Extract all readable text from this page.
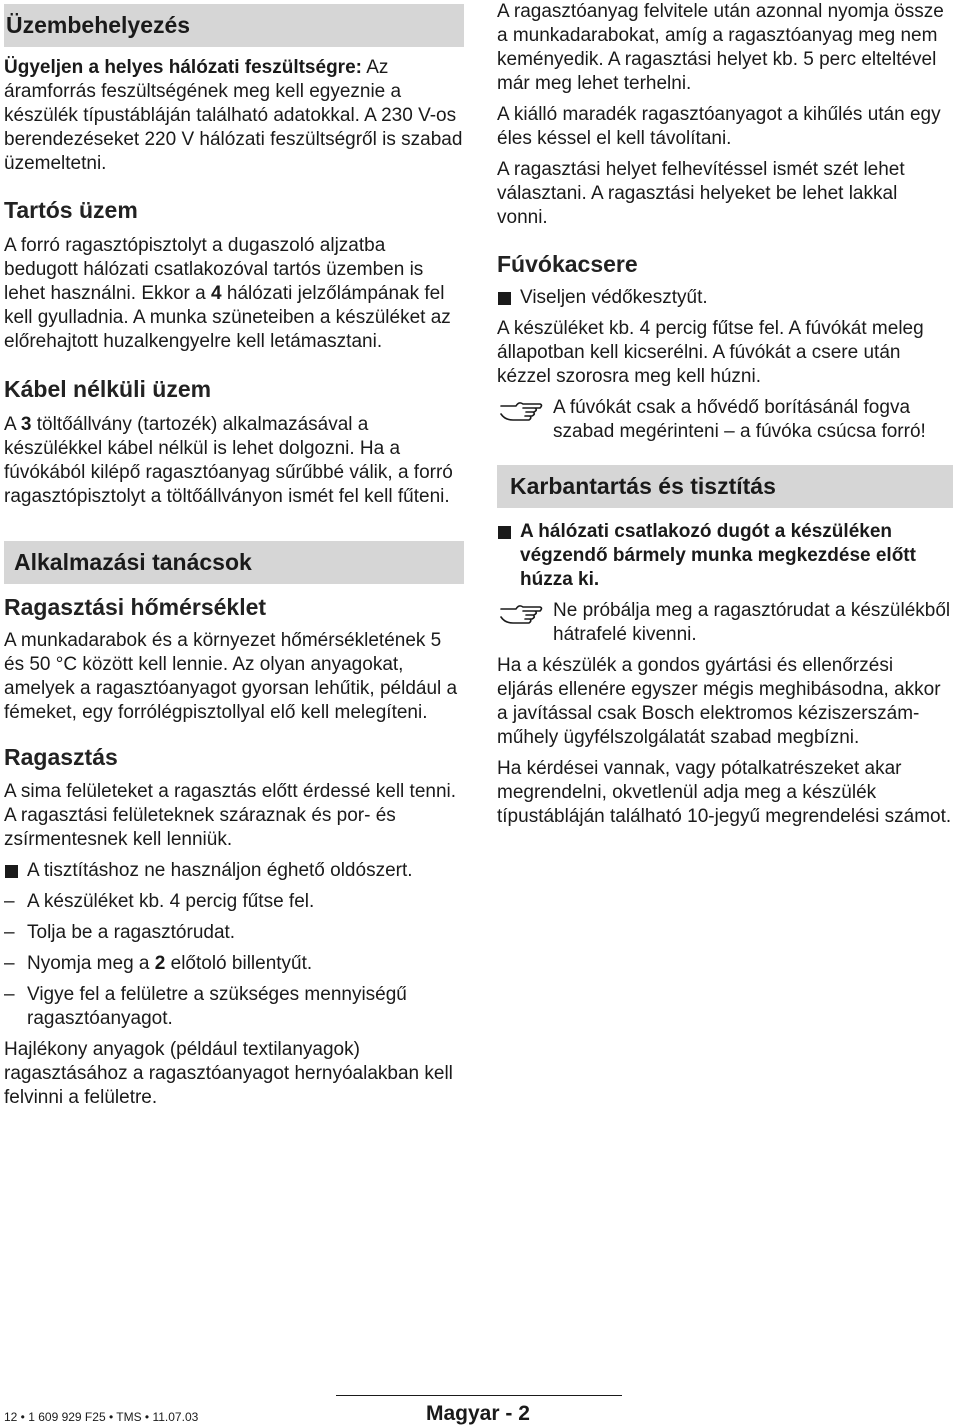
Üzembehelyezés

Ügyeljen a helyes hálózati feszültségre: Az áramforrás feszültségének meg kell egyeznie a készülék típustábláján található adatokkal. A 230 V-os berendezéseket 220 V hálózati feszültségről is szabad üzemeltetni.

Tartós üzem

A forró ragasztópisztolyt a dugaszoló aljzatba bedugott hálózati csatlakozóval tartós üzemben is lehet használni. Ekkor a 4 hálózati jelzőlámpának fel kell gyulladnia. A munka szüneteiben a készüléket az előrehajtott huzalkengyelre kell letámasztani.

Kábel nélküli üzem

A 3 töltőállvány (tartozék) alkalmazásával a készülékkel kábel nélkül is lehet dolgozni. Ha a fúvókából kilépő ragasztóanyag sűrűbbé válik, a forró ragasztópisztolyt a töltőállványon ismét fel kell fűteni.

Alkalmazási tanácsok
Ragasztási hőmérséklet

A munkadarabok és a környezet hőmérsékletének 5 és 50 °C között kell lennie. Az olyan anyagokat, amelyek a ragasztóanyagot gyorsan lehűtik, például a fémeket, egy forrólégpisztollyal elő kell melegíteni.

Ragasztás

A sima felületeket a ragasztás előtt érdessé kell tenni. A ragasztási felületeknek száraznak és por- és zsírmentesnek kell lenniük.

A tisztításhoz ne használjon éghető oldószert.

– A készüléket kb. 4 percig fűtse fel.

– Tolja be a ragasztórudat.

– Nyomja meg a 2 előtoló billentyűt.

– Vigye fel a felületre a szükséges mennyiségű ragasztóanyagot.

Hajlékony anyagok (például textilanyagok) ragasztásához a ragasztóanyagot hernyóalakban kell felvinni a felületre.

A ragasztóanyag felvitele után azonnal nyomja össze a munkadarabokat, amíg a ragasztóanyag meg nem keményedik. A ragasztási helyet kb. 5 perc elteltével már meg lehet terhelni.

A kiálló maradék ragasztóanyagot a kihűlés után egy éles késsel el kell távolítani.

A ragasztási helyet felhevítéssel ismét szét lehet választani. A ragasztási helyeket be lehet lakkal vonni.

Fúvókacsere

Viseljen védőkesztyűt.

A készüléket kb. 4 percig fűtse fel. A fúvókát meleg állapotban kell kicserélni. A fúvókát a csere után kézzel szorosra meg kell húzni.

A fúvókát csak a hővédő borításánál fogva szabad megérinteni – a fúvóka csúcsa forró!

Karbantartás és tisztítás

A hálózati csatlakozó dugót a készüléken végzendő bármely munka megkezdése előtt húzza ki.

Ne próbálja meg a ragasztórudat a készülékből hátrafelé kivenni.

Ha a készülék a gondos gyártási és ellenőrzési eljárás ellenére egyszer mégis meghibásodna, akkor a javítással csak Bosch elektromos kéziszerszám-műhely ügyfélszolgálatát szabad megbízni.

Ha kérdései vannak, vagy pótalkatrészeket akar megrendelni, okvetlenül adja meg a készülék típustábláján található 10-jegyű megrendelési számot.

12 • 1 609 929 F25 • TMS • 11.07.03	Magyar - 2
